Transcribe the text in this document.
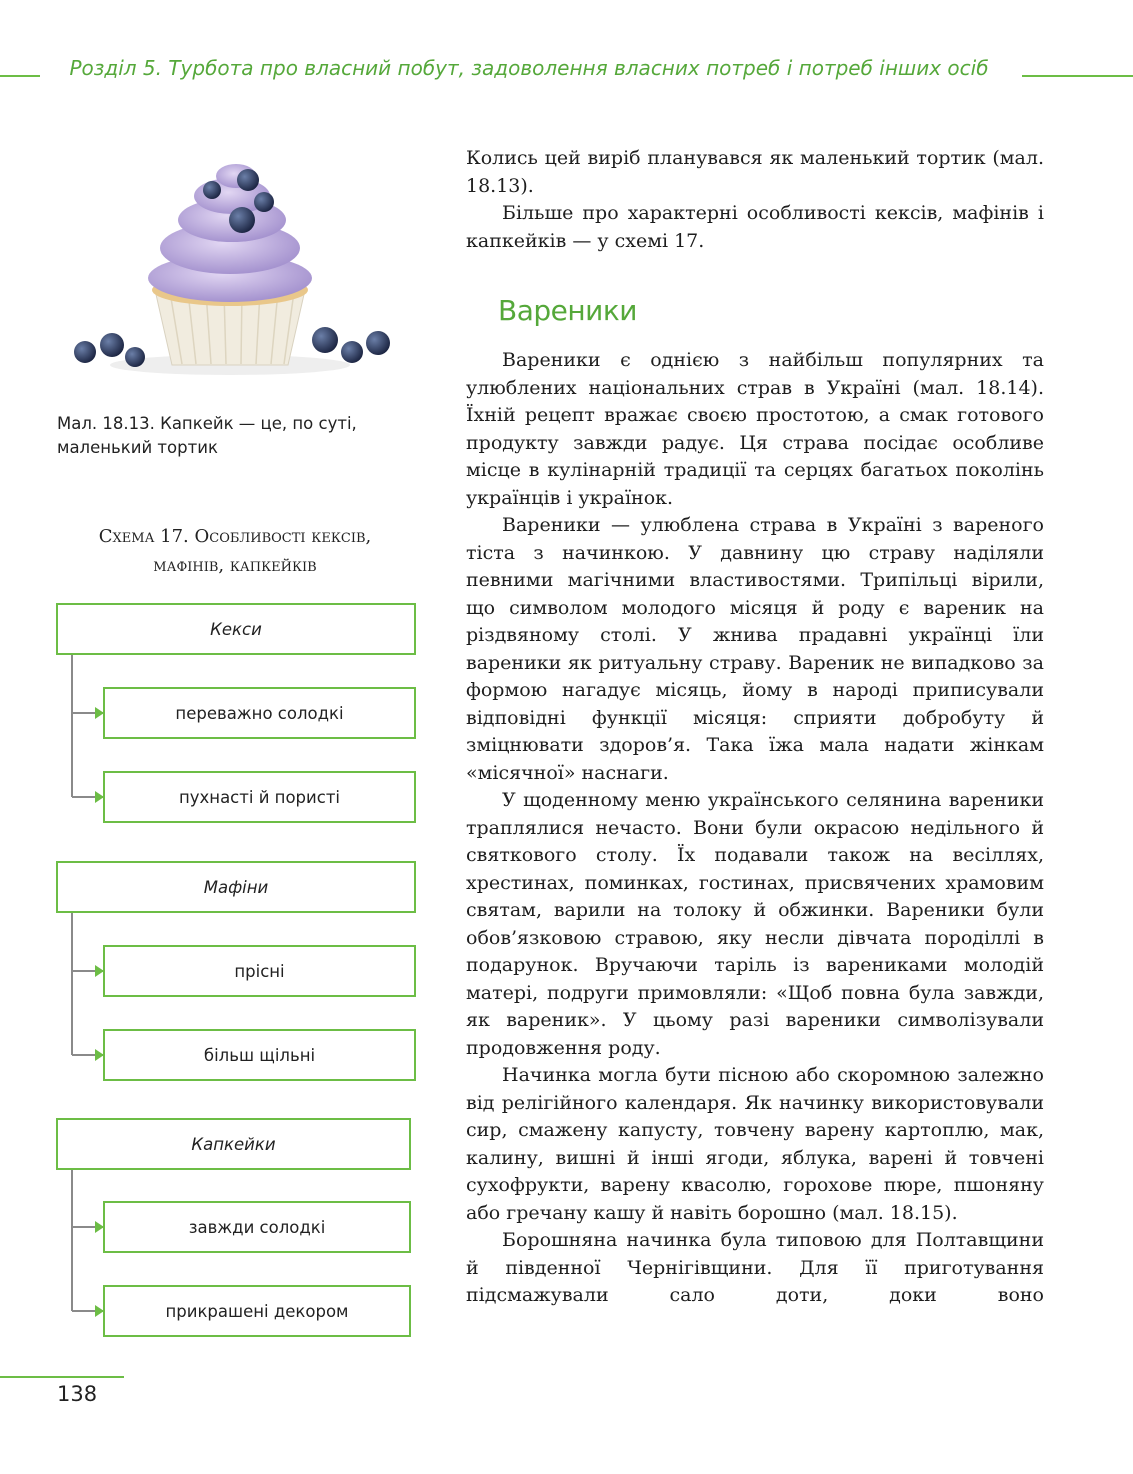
Розділ 5. Турбота про власний побут, задоволення власних потреб і потреб інших осіб
Мал. 18.13. Капкейк — це, по суті,
маленький тортик
Схема 17. Особливості кексів,
мафінів, капкейків
Кекси
переважно солодкі
пухнасті й пористі
Мафіни
прісні
більш щільні
Капкейки
завжди солодкі
прикрашені декором

Колись цей виріб планувався як маленький тортик (мал. 18.13).

Більше про характерні особливості кексів, мафінів і капкейків — у схемі 17.

Вареники

Вареники є однією з найбільш популярних та улюблених національних страв в Україні (мал. 18.14). Їхній рецепт вражає своєю простотою, а смак готового продукту завжди радує. Ця страва посідає особливе місце в кулінарній традиції та серцях багатьох поколінь українців і українок.

Вареники — улюблена страва в Україні з вареного тіста з начинкою. У давнину цю страву наділяли певними магічними властивостями. Трипільці вірили, що символом молодого місяця й роду є вареник на різдвяному столі. У жнива прадавні українці їли вареники як ритуальну страву. Вареник не випадково за формою нагадує місяць, йому в народі приписували відповідні функції місяця: сприяти добробуту й зміцнювати здоров’я. Така їжа мала надати жінкам «місячної» наснаги.

У щоденному меню українського селянина вареники траплялися нечасто. Вони були окрасою недільного й святкового столу. Їх подавали також на весіллях, хрестинах, поминках, гостинах, присвячених храмовим святам, варили на толоку й обжинки. Вареники були обов’язковою стравою, яку несли дівчата породіллі в подарунок. Вручаючи таріль із варениками молодій матері, подруги примовляли: «Щоб повна була завжди, як вареник». У цьому разі вареники символізували продовження роду.

Начинка могла бути пісною або скоромною залежно від релігійного календаря. Як начинку використовували сир, смажену капусту, товчену варену картоплю, мак, калину, вишні й інші ягоди, яблука, варені й товчені сухофрукти, варену квасолю, горохове пюре, пшоняну або гречану кашу й навіть борошно (мал. 18.15).

Борошняна начинка була типовою для Полтавщини й південної Чернігівщини. Для її приготування підсмажували сало доти, доки воно

138
